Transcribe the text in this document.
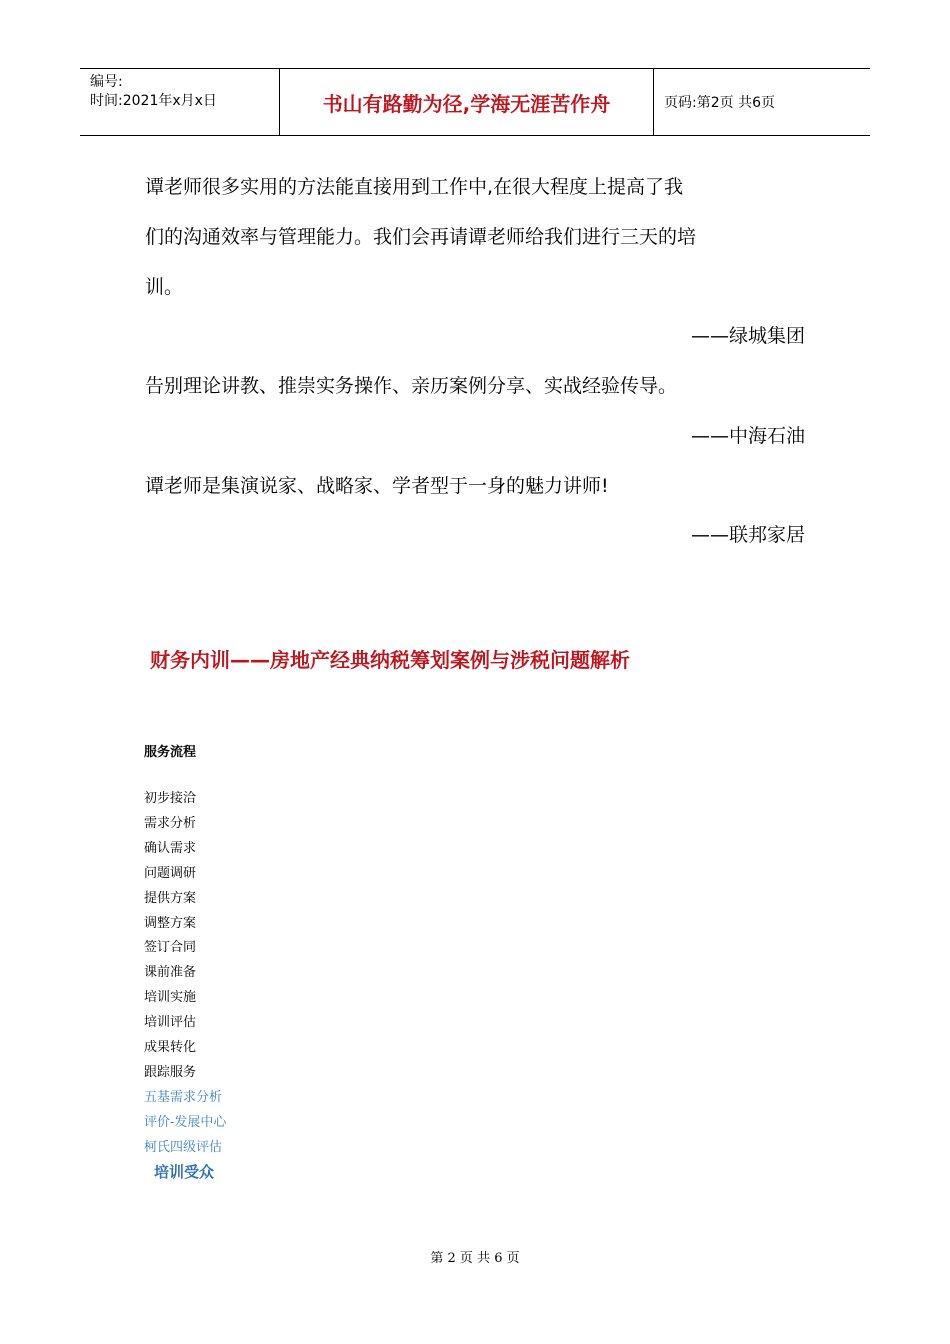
编号:
时间:2021年x月x日	书山有路勤为径,学海无涯苦作舟	页码:第2页 共6页
谭老师很多实用的方法能直接用到工作中,在很大程度上提高了我
们的沟通效率与管理能力。我们会再请谭老师给我们进行三天的培
训。
——绿城集团
告别理论讲教、推崇实务操作、亲历案例分享、实战经验传导。
——中海石油
谭老师是集演说家、战略家、学者型于一身的魅力讲师!
——联邦家居
财务内训——房地产经典纳税筹划案例与涉税问题解析
服务流程
初步接洽
需求分析
确认需求
问题调研
提供方案
调整方案
签订合同
课前准备
培训实施
培训评估
成果转化
跟踪服务
五基需求分析
评价-发展中心
柯氏四级评估
培训受众
第 2 页 共 6 页
